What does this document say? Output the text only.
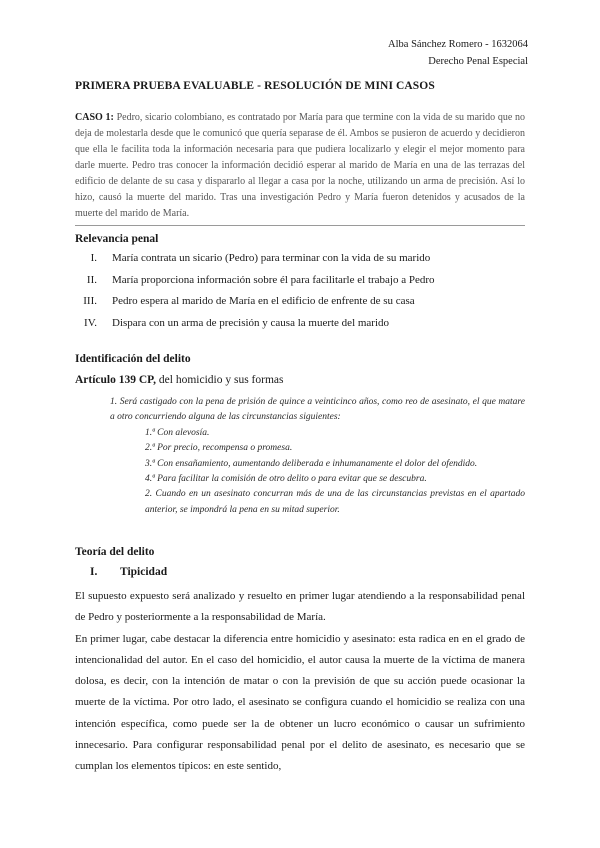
Alba Sánchez Romero - 1632064
Derecho Penal Especial
PRIMERA PRUEBA EVALUABLE - RESOLUCIÓN DE MINI CASOS
CASO 1: Pedro, sicario colombiano, es contratado por María para que termine con la vida de su marido que no deja de molestarla desde que le comunicó que quería separase de él. Ambos se pusieron de acuerdo y decidieron que ella le facilita toda la información necesaria para que pudiera localizarlo y elegir el mejor momento para darle muerte. Pedro tras conocer la información decidió esperar al marido de María en una de las terrazas del edificio de delante de su casa y dispararlo al llegar a casa por la noche, utilizando un arma de precisión. Así lo hizo, causó la muerte del marido. Tras una investigación Pedro y María fueron detenidos y acusados de la muerte del marido de María.
Relevancia penal
I. María contrata un sicario (Pedro) para terminar con la vida de su marido
II. María proporciona información sobre él para facilitarle el trabajo a Pedro
III. Pedro espera al marido de María en el edificio de enfrente de su casa
IV. Dispara con un arma de precisión y causa la muerte del marido
Identificación del delito
Artículo 139 CP, del homicidio y sus formas

1. Será castigado con la pena de prisión de quince a veinticinco años, como reo de asesinato, el que matare a otro concurriendo alguna de las circunstancias siguientes:

1.ª Con alevosía.

2.ª Por precio, recompensa o promesa.

3.ª Con ensañamiento, aumentando deliberada e inhumanamente el dolor del ofendido.

4.ª Para facilitar la comisión de otro delito o para evitar que se descubra.

2. Cuando en un asesinato concurran más de una de las circunstancias previstas en el apartado anterior, se impondrá la pena en su mitad superior.

Teoría del delito
I. Tipicidad

El supuesto expuesto será analizado y resuelto en primer lugar atendiendo a la responsabilidad penal de Pedro y posteriormente a la responsabilidad de María.

En primer lugar, cabe destacar la diferencia entre homicidio y asesinato: esta radica en en el grado de intencionalidad del autor. En el caso del homicidio, el autor causa la muerte de la víctima de manera dolosa, es decir, con la intención de matar o con la previsión de que su acción puede ocasionar la muerte de la víctima. Por otro lado, el asesinato se configura cuando el homicidio se realiza con una intención específica, como puede ser la de obtener un lucro económico o causar un sufrimiento innecesario. Para configurar responsabilidad penal por el delito de asesinato, es necesario que se cumplan los elementos típicos: en este sentido,
